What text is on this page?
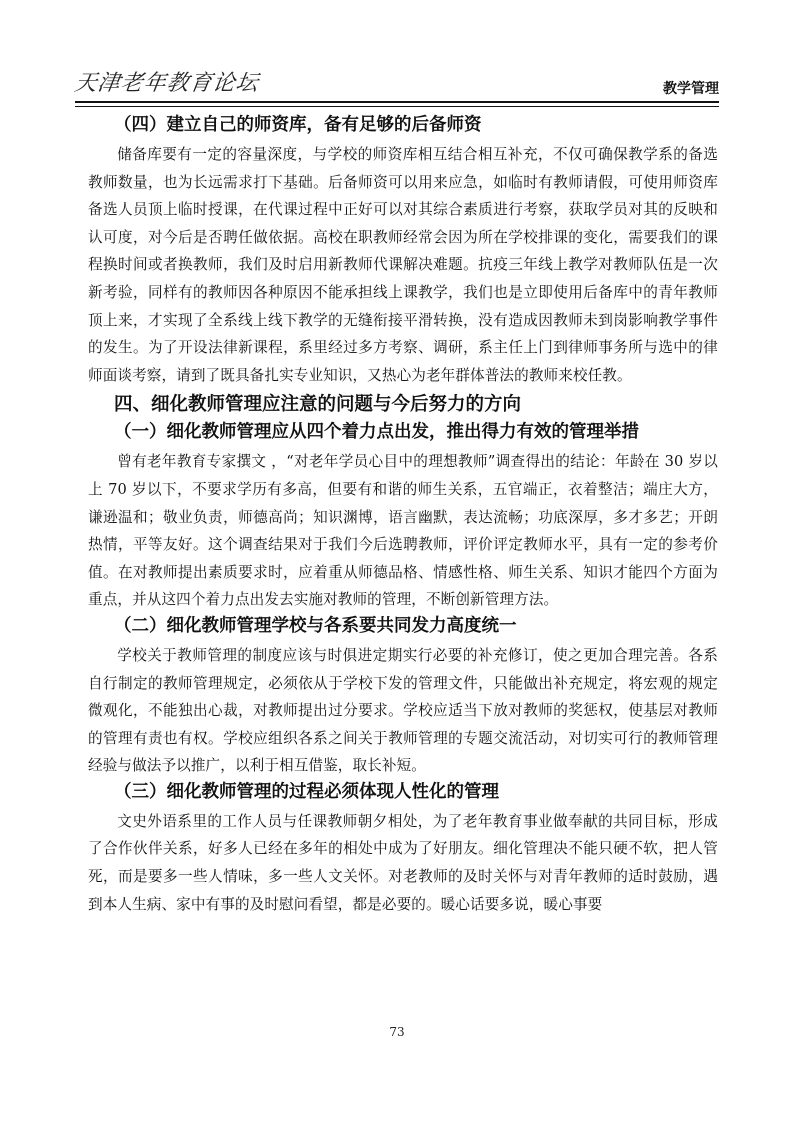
天津老年教育论坛	教学管理
（四）建立自己的师资库，备有足够的后备师资

储备库要有一定的容量深度，与学校的师资库相互结合相互补充，不仅可确保教学系的备选教师数量，也为长远需求打下基础。后备师资可以用来应急，如临时有教师请假，可使用师资库备选人员顶上临时授课，在代课过程中正好可以对其综合素质进行考察，获取学员对其的反映和认可度，对今后是否聘任做依据。高校在职教师经常会因为所在学校排课的变化，需要我们的课程换时间或者换教师，我们及时启用新教师代课解决难题。抗疫三年线上教学对教师队伍是一次新考验，同样有的教师因各种原因不能承担线上课教学，我们也是立即使用后备库中的青年教师顶上来，才实现了全系线上线下教学的无缝衔接平滑转换，没有造成因教师未到岗影响教学事件的发生。为了开设法律新课程，系里经过多方考察、调研，系主任上门到律师事务所与选中的律师面谈考察，请到了既具备扎实专业知识，又热心为老年群体普法的教师来校任教。

四、细化教师管理应注意的问题与今后努力的方向
（一）细化教师管理应从四个着力点出发，推出得力有效的管理举措

曾有老年教育专家撰文 ，“对老年学员心目中的理想教师”调查得出的结论：年龄在 30 岁以上 70 岁以下，不要求学历有多高，但要有和谐的师生关系，五官端正，衣着整洁；端庄大方，谦逊温和；敬业负责，师德高尚；知识渊博，语言幽默，表达流畅；功底深厚，多才多艺；开朗热情，平等友好。这个调查结果对于我们今后选聘教师，评价评定教师水平，具有一定的参考价值。在对教师提出素质要求时，应着重从师德品格、情感性格、师生关系、知识才能四个方面为重点，并从这四个着力点出发去实施对教师的管理，不断创新管理方法。

（二）细化教师管理学校与各系要共同发力高度统一

学校关于教师管理的制度应该与时俱进定期实行必要的补充修订，使之更加合理完善。各系自行制定的教师管理规定，必须依从于学校下发的管理文件，只能做出补充规定，将宏观的规定微观化，不能独出心裁，对教师提出过分要求。学校应适当下放对教师的奖惩权，使基层对教师的管理有责也有权。学校应组织各系之间关于教师管理的专题交流活动，对切实可行的教师管理经验与做法予以推广，以利于相互借鉴，取长补短。

（三）细化教师管理的过程必须体现人性化的管理

文史外语系里的工作人员与任课教师朝夕相处，为了老年教育事业做奉献的共同目标，形成了合作伙伴关系，好多人已经在多年的相处中成为了好朋友。细化管理决不能只硬不软，把人管死，而是要多一些人情味，多一些人文关怀。对老教师的及时关怀与对青年教师的适时鼓励，遇到本人生病、家中有事的及时慰问看望，都是必要的。暖心话要多说，暖心事要

73
